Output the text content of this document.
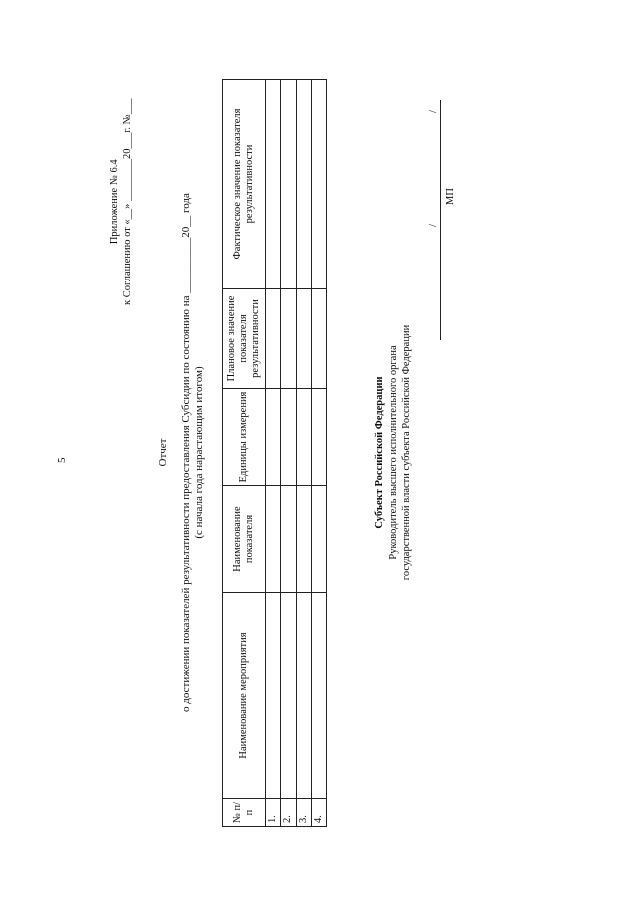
5
Приложение № 6.4 к Соглашению от «__» ________20___г. №___
Отчет о достижении показателей результативности предоставления Субсидии по состоянию на __________20__ года (с начала года нарастающим итогом)
№ п/п	Наименование мероприятия	Наименование показателя	Единицы измерения	Плановое значение показателя результативности	Фактическое значение показателя результативности

1.					
2.					
3.					
4.					
Субъект Российской Федерации Руководитель высшего исполнительного органа государственной власти субъекта Российской Федерации
/
/
МП
